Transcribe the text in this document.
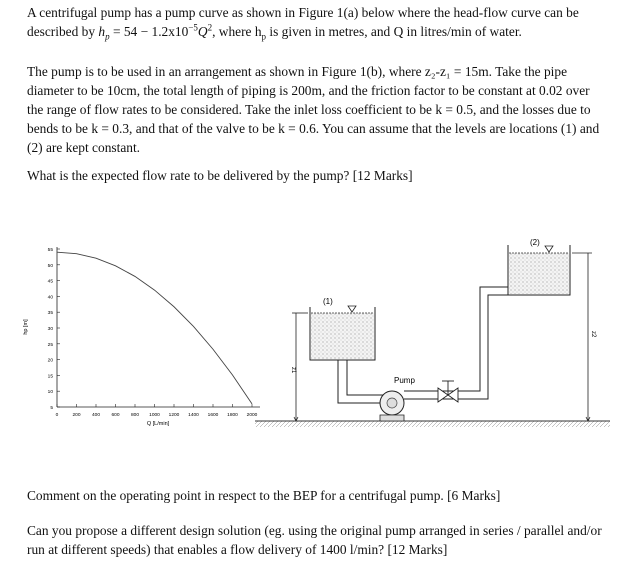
A centrifugal pump has a pump curve as shown in Figure 1(a) below where the head-flow curve can be described by $h_p = 54 - 1.2x10^{-5}Q^2$, where $h_p$ is given in metres, and Q in litres/min of water.

The pump is to be used in an arrangement as shown in Figure 1(b), where z₂-z₁ = 15m. Take the pipe diameter to be 10cm, the total length of piping is 200m, and the friction factor to be constant at 0.02 over the range of flow rates to be considered. Take the inlet loss coefficient to be k = 0.5, and the losses due to bends to be k = 0.3, and that of the valve to be k = 0.6. You can assume that the levels are locations (1) and (2) are kept constant.

What is the expected flow rate to be delivered by the pump? [12 Marks]

5
10
15
20
25
30
35
40
45
50
55
0	200 400 600 800 1000 1200 1400 1600 1800 2000
Q [L/min]
hp [m]
(1)
Pump
(2)
z1
z2

Comment on the operating point in respect to the BEP for a centrifugal pump. [6 Marks]

Can you propose a different design solution (eg. using the original pump arranged in series / parallel and/or run at different speeds) that enables a flow delivery of 1400 l/min? [12 Marks]
